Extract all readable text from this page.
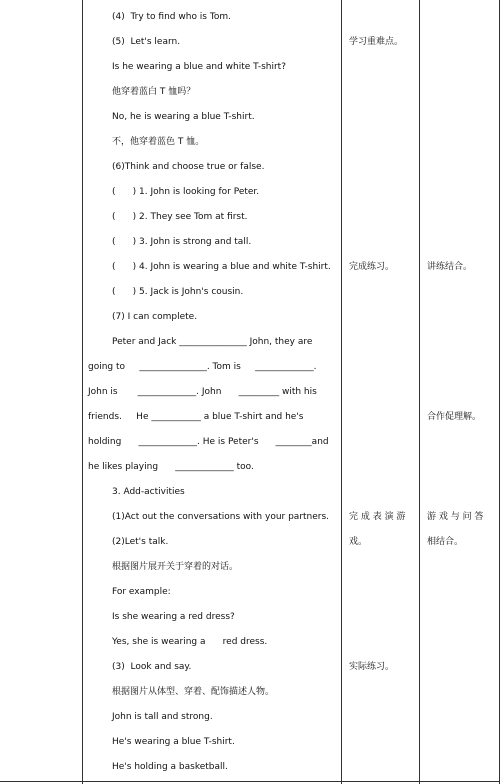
(4)  Try to find who is Tom.
(5)  Let's learn.
Is he wearing a blue and white T-shirt?
他穿着蓝白 T 恤吗？
No, he is wearing a blue T-shirt.
不，他穿着蓝色 T 恤。
(6)Think and choose true or false.
(      ) 1. John is looking for Peter.
(      ) 2. They see Tom at first.
(      ) 3. John is strong and tall.
(      ) 4. John is wearing a blue and white T-shirt.
(      ) 5. Jack is John's cousin.
(7) I can complete.
Peter and Jack _______________ John, they are
going to     _______________. Tom is     _____________.
John is       _____________. John      _________ with his
friends.     He ___________ a blue T-shirt and he's
holding      _____________. He is Peter's      ________and
he likes playing      _____________ too.
3. Add-activities
(1)Act out the conversations with your partners.
(2)Let's talk.
根据图片展开关于穿着的对话。
For example:
Is she wearing a red dress?
Yes, she is wearing a      red dress.
(3)  Look and say.
根据图片从体型、穿着、配饰描述人物。
John is tall and strong.
He's wearing a blue T-shirt.
He's holding a basketball.
学习重难点。
完成练习。
完 成 表 演 游
戏。
实际练习。
讲练结合。
合作促理解。
游 戏 与 问 答
相结合。
